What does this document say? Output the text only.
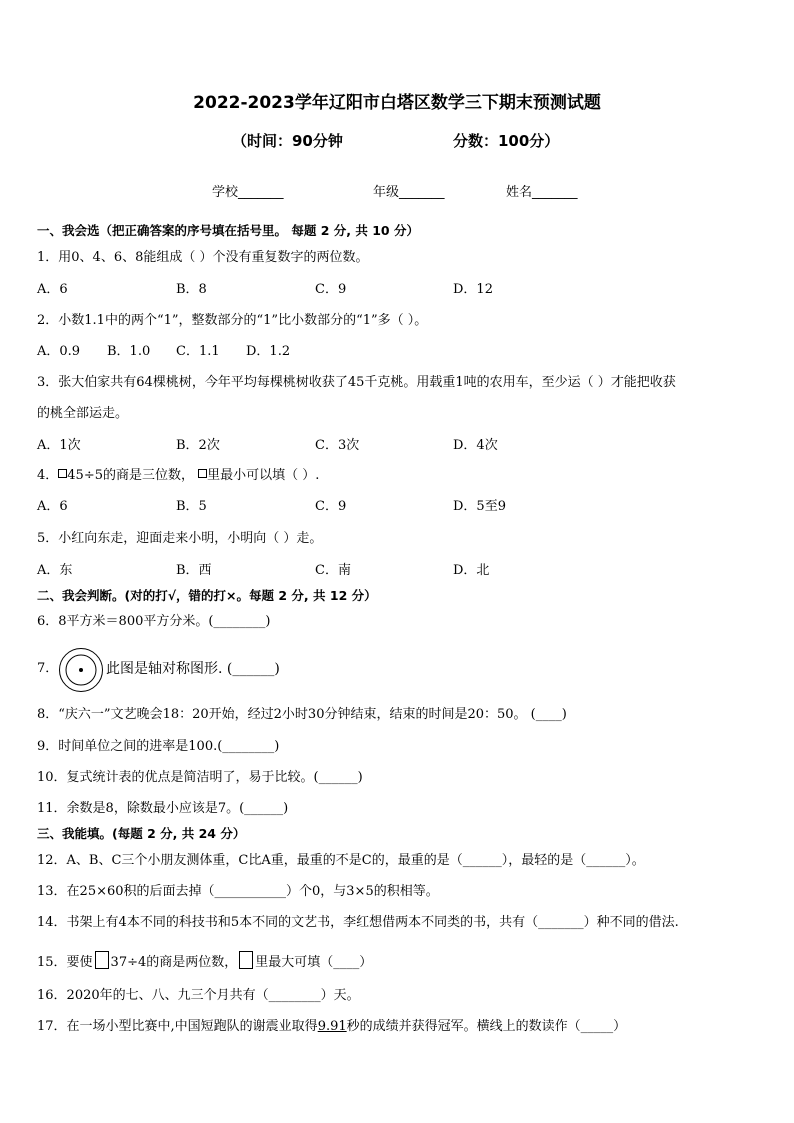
2022-2023学年辽阳市白塔区数学三下期末预测试题
（时间：90分钟	分数：100分）
学校_______	年级_______	姓名_______
一、我会选（把正确答案的序号填在括号里。 每题 2 分, 共 10 分）
1．用0、4、6、8能组成（ ）个没有重复数字的两位数。
A．6	B．8	C．9	D．12
2．小数1.1中的两个“1”，整数部分的“1”比小数部分的“1”多（ ）。
A．0.9 B．1.0 C．1.1 D．1.2
3．张大伯家共有64棵桃树，今年平均每棵桃树收获了45千克桃。用载重1吨的农用车，至少运（ ）才能把收获
的桃全部运走。
A．1次	B．2次	C．3次	D．4次
4． 45÷5的商是三位数， 里最小可以填（ ）.
A．6	B．5	C．9	D．5至9
5．小红向东走，迎面走来小明，小明向（ ）走。
A．东	B．西	C．南	D．北
二、我会判断。(对的打√，错的打×。每题 2 分, 共 12 分）
6．8平方米＝800平方分米。(________)
7．	此图是轴对称图形. (______)
8．“庆六一”文艺晚会18：20开始，经过2小时30分钟结束，结束的时间是20：50。 (____)
9．时间单位之间的进率是100.(________)
10．复式统计表的优点是简洁明了，易于比较。(______)
11．余数是8，除数最小应该是7。(______)
三、我能填。(每题 2 分, 共 24 分）
12．A、B、C三个小朋友测体重，C比A重，最重的不是C的，最重的是（______），最轻的是（______）。
13．在25×60积的后面去掉（___________）个0，与3×5的积相等。
14．书架上有4本不同的科技书和5本不同的文艺书，李红想借两本不同类的书，共有（_______）种不同的借法.
15．要使 37÷4的商是两位数， 里最大可填（____）
16．2020年的七、八、九三个月共有（________）天。
17．在一场小型比赛中,中国短跑队的谢震业取得9.91秒的成绩并获得冠军。横线上的数读作（_____）
